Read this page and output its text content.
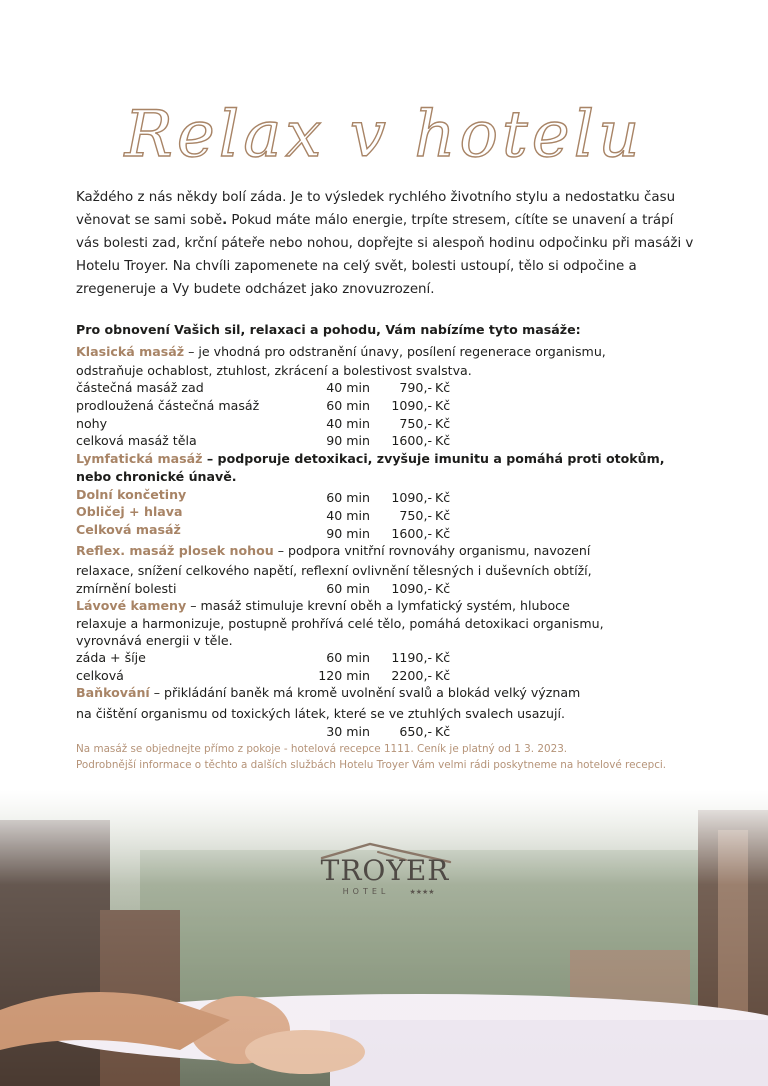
Relax v hotelu
Každého z nás někdy bolí záda. Je to výsledek rychlého životního stylu a nedostatku času věnovat se sami sobě. Pokud máte málo energie, trpíte stresem, cítíte se unavení a trápí vás bolesti zad, krční páteře nebo nohou, dopřejte si alespoň hodinu odpočinku při masáži v Hotelu Troyer. Na chvíli zapomenete na celý svět, bolesti ustoupí, tělo si odpočine a zregeneruje a Vy budete odcházet jako znovuzrození.
Pro obnovení Vašich sil, relaxaci a pohodu, Vám nabízíme tyto masáže:
Klasická masáž – je vhodná pro odstranění únavy, posílení regenerace organismu,
odstraňuje ochablost, ztuhlost, zkrácení a bolestivost svalstva.
částečná masáž zad	40 min	790,- Kč
prodloužená částečná masáž	60 min	1090,- Kč
nohy	40 min	750,- Kč
celková masáž těla	90 min	1600,- Kč
Lymfatická masáž – podporuje detoxikaci, zvyšuje imunitu a pomáhá proti otokům,
nebo chronické únavě.
Dolní končetiny	60 min	1090,- Kč
Obličej + hlava	40 min	750,- Kč
Celková masáž	90 min	1600,- Kč
Reflex. masáž plosek nohou – podpora vnitřní rovnováhy organismu, navození
relaxace, snížení celkového napětí, reflexní ovlivnění tělesných i duševních obtíží,
zmírnění bolesti	60 min	1090,- Kč
Lávové kameny – masáž stimuluje krevní oběh a lymfatický systém, hluboce
relaxuje a harmonizuje, postupně prohřívá celé tělo, pomáhá detoxikaci organismu,
vyrovnává energii v těle.
záda + šíje	60 min	1190,- Kč
celková	120 min	2200,- Kč
Baňkování – přikládání baněk má kromě uvolnění svalů a blokád velký význam
na čištění organismu od toxických látek, které se ve ztuhlých svalech usazují.
30 min	650,- Kč
Na masáž se objednejte přímo z pokoje - hotelová recepce 1111. Ceník je platný od 1 3. 2023.
Podrobnější informace o těchto a dalších službách Hotelu Troyer Vám velmi rádi poskytneme na hotelové recepci.
TROYER
HOTEL	★★★★
